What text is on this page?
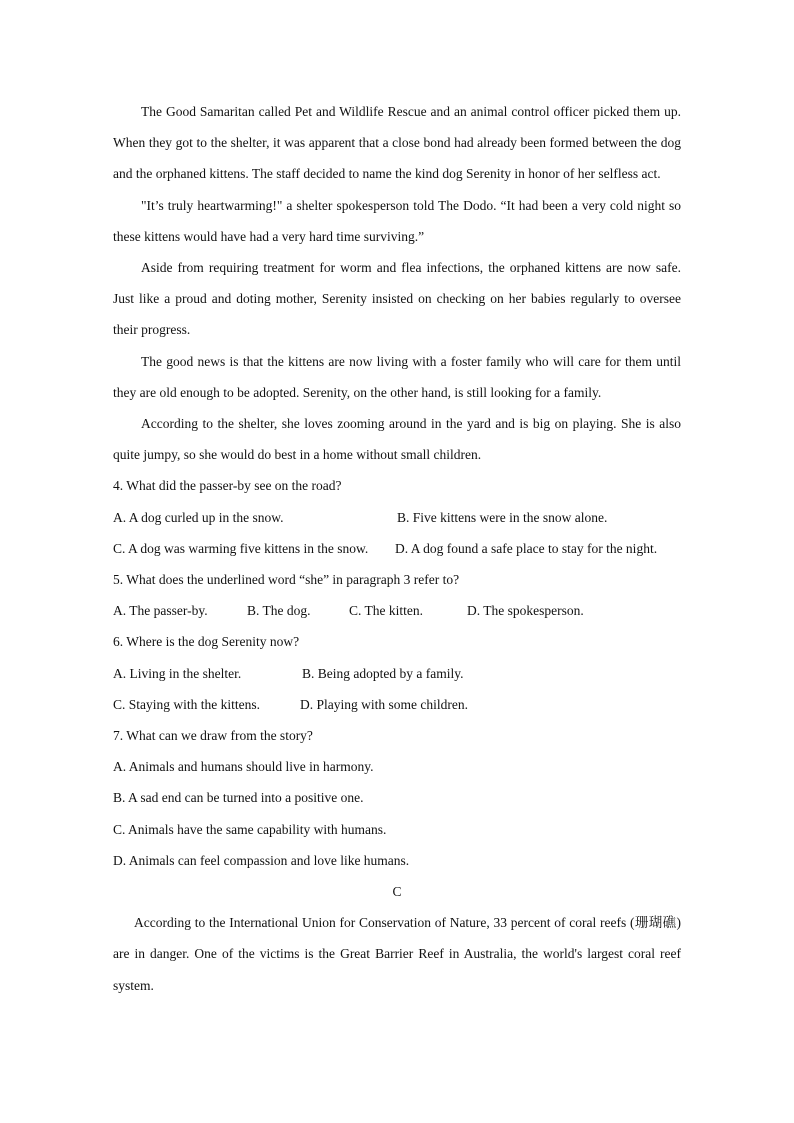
The Good Samaritan called Pet and Wildlife Rescue and an animal control officer picked them up. When they got to the shelter, it was apparent that a close bond had already been formed between the dog and the orphaned kittens. The staff decided to name the kind dog Serenity in honor of her selfless act.

"It’s truly heartwarming!" a shelter spokesperson told The Dodo. “It had been a very cold night so these kittens would have had a very hard time surviving.”

Aside from requiring treatment for worm and flea infections, the orphaned kittens are now safe. Just like a proud and doting mother, Serenity insisted on checking on her babies regularly to oversee their progress.

The good news is that the kittens are now living with a foster family who will care for them until they are old enough to be adopted. Serenity, on the other hand, is still looking for a family.

According to the shelter, she loves zooming around in the yard and is big on playing. She is also quite jumpy, so she would do best in a home without small children.

4. What did the passer-by see on the road?

A. A dog curled up in the snow.	B. Five kittens were in the snow alone.
C. A dog was warming five kittens in the snow. D. A dog found a safe place to stay for the night.

5. What does the underlined word “she” in paragraph 3 refer to?

A. The passer-by.	B. The dog.	C. The kitten.	D. The spokesperson.

6. Where is the dog Serenity now?

A. Living in the shelter.	B. Being adopted by a family.
C. Staying with the kittens.	D. Playing with some children.

7. What can we draw from the story?

A. Animals and humans should live in harmony.

B. A sad end can be turned into a positive one.

C. Animals have the same capability with humans.

D. Animals can feel compassion and love like humans.

C

According to the International Union for Conservation of Nature, 33 percent of coral reefs (珊瑚礁) are in danger. One of the victims is the Great Barrier Reef in Australia, the world's largest coral reef system.
